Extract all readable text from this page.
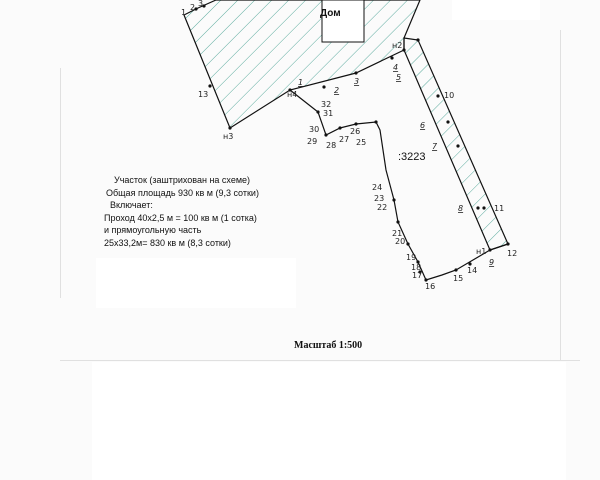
1
2 3
13
н3
н4
1
2
3
4
5
6
7
8
9
н2
н1
10
11
12
14
15
16
17
18
19
20
21
22
23
24
25
26
27
28
29
30
31
32
Дом
:3223
Участок (заштрихован на схеме)
Общая площадь 930 кв м (9,3 сотки)
Включает:
Проход 40х2,5 м = 100 кв м (1 сотка)
и прямоугольную часть
25х33,2м= 830 кв м (8,3 сотки)
Масштаб 1:500
